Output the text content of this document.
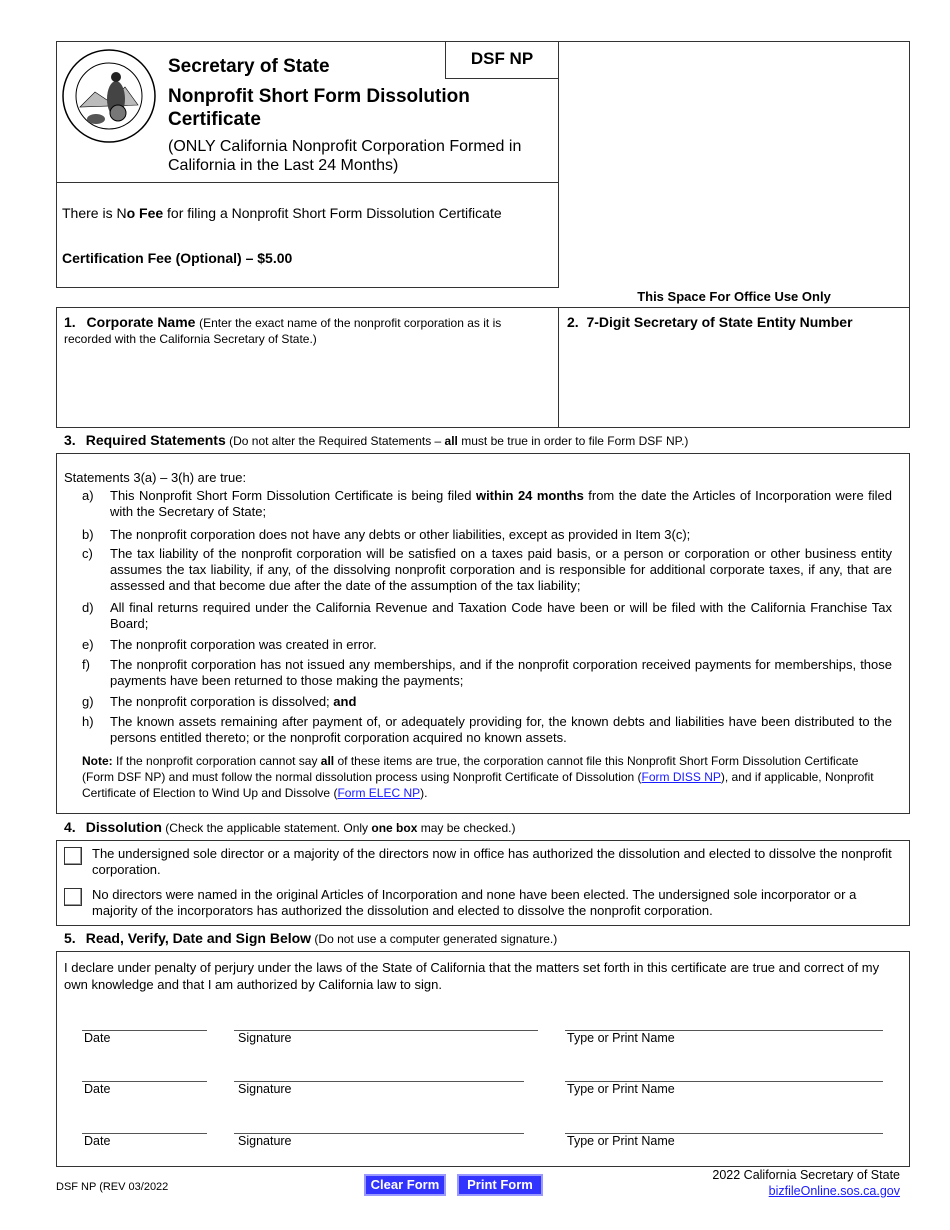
DSF NP
Secretary of State
Nonprofit Short Form Dissolution Certificate
(ONLY California Nonprofit Corporation Formed in California in the Last 24 Months)
There is No Fee for filing a Nonprofit Short Form Dissolution Certificate
Certification Fee (Optional) – $5.00
This Space For Office Use Only
1. Corporate Name (Enter the exact name of the nonprofit corporation as it is recorded with the California Secretary of State.)
2. 7-Digit Secretary of State Entity Number
3. Required Statements (Do not alter the Required Statements – all must be true in order to file Form DSF NP.)
Statements 3(a) – 3(h) are true:
a) This Nonprofit Short Form Dissolution Certificate is being filed within 24 months from the date the Articles of Incorporation were filed with the Secretary of State;
b) The nonprofit corporation does not have any debts or other liabilities, except as provided in Item 3(c);
c) The tax liability of the nonprofit corporation will be satisfied on a taxes paid basis, or a person or corporation or other business entity assumes the tax liability, if any, of the dissolving nonprofit corporation and is responsible for additional corporate taxes, if any, that are assessed and that become due after the date of the assumption of the tax liability;
d) All final returns required under the California Revenue and Taxation Code have been or will be filed with the California Franchise Tax Board;
e) The nonprofit corporation was created in error.
f) The nonprofit corporation has not issued any memberships, and if the nonprofit corporation received payments for memberships, those payments have been returned to those making the payments;
g) The nonprofit corporation is dissolved; and
h) The known assets remaining after payment of, or adequately providing for, the known debts and liabilities have been distributed to the persons entitled thereto; or the nonprofit corporation acquired no known assets.
Note: If the nonprofit corporation cannot say all of these items are true, the corporation cannot file this Nonprofit Short Form Dissolution Certificate (Form DSF NP) and must follow the normal dissolution process using Nonprofit Certificate of Dissolution (Form DISS NP), and if applicable, Nonprofit Certificate of Election to Wind Up and Dissolve (Form ELEC NP).
4. Dissolution (Check the applicable statement. Only one box may be checked.)
The undersigned sole director or a majority of the directors now in office has authorized the dissolution and elected to dissolve the nonprofit corporation.
No directors were named in the original Articles of Incorporation and none have been elected. The undersigned sole incorporator or a majority of the incorporators has authorized the dissolution and elected to dissolve the nonprofit corporation.
5. Read, Verify, Date and Sign Below (Do not use a computer generated signature.)
I declare under penalty of perjury under the laws of the State of California that the matters set forth in this certificate are true and correct of my own knowledge and that I am authorized by California law to sign.
Date	Signature	Type or Print Name
Date	Signature	Type or Print Name
Date	Signature	Type or Print Name
DSF NP (REV 03/2022	Clear Form	Print Form
2022 California Secretary of State
bizfileOnline.sos.ca.gov
